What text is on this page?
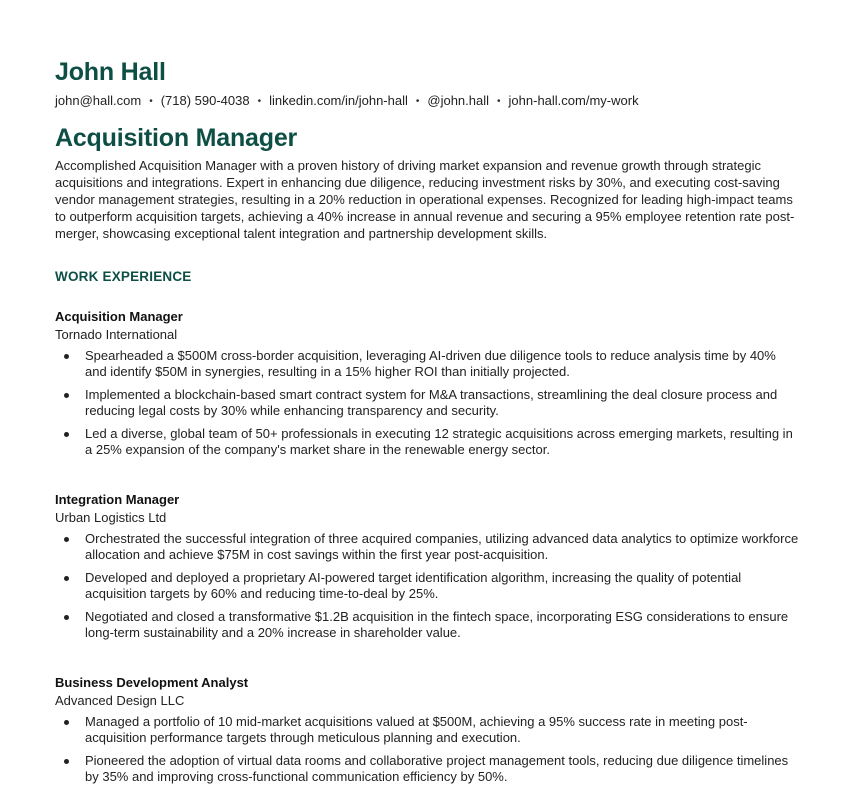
John Hall
john@hall.com • (718) 590-4038 • linkedin.com/in/john-hall • @john.hall • john-hall.com/my-work
Acquisition Manager

Accomplished Acquisition Manager with a proven history of driving market expansion and revenue growth through strategic acquisitions and integrations. Expert in enhancing due diligence, reducing investment risks by 30%, and executing cost-saving vendor management strategies, resulting in a 20% reduction in operational expenses. Recognized for leading high-impact teams to outperform acquisition targets, achieving a 40% increase in annual revenue and securing a 95% employee retention rate post-merger, showcasing exceptional talent integration and partnership development skills.

WORK EXPERIENCE
Acquisition Manager
Tornado International
Spearheaded a $500M cross-border acquisition, leveraging AI-driven due diligence tools to reduce analysis time by 40% and identify $50M in synergies, resulting in a 15% higher ROI than initially projected.
Implemented a blockchain-based smart contract system for M&A transactions, streamlining the deal closure process and reducing legal costs by 30% while enhancing transparency and security.
Led a diverse, global team of 50+ professionals in executing 12 strategic acquisitions across emerging markets, resulting in a 25% expansion of the company's market share in the renewable energy sector.
Integration Manager
Urban Logistics Ltd
Orchestrated the successful integration of three acquired companies, utilizing advanced data analytics to optimize workforce allocation and achieve $75M in cost savings within the first year post-acquisition.
Developed and deployed a proprietary AI-powered target identification algorithm, increasing the quality of potential acquisition targets by 60% and reducing time-to-deal by 25%.
Negotiated and closed a transformative $1.2B acquisition in the fintech space, incorporating ESG considerations to ensure long-term sustainability and a 20% increase in shareholder value.
Business Development Analyst
Advanced Design LLC
Managed a portfolio of 10 mid-market acquisitions valued at $500M, achieving a 95% success rate in meeting post-acquisition performance targets through meticulous planning and execution.
Pioneered the adoption of virtual data rooms and collaborative project management tools, reducing due diligence timelines by 35% and improving cross-functional communication efficiency by 50%.
